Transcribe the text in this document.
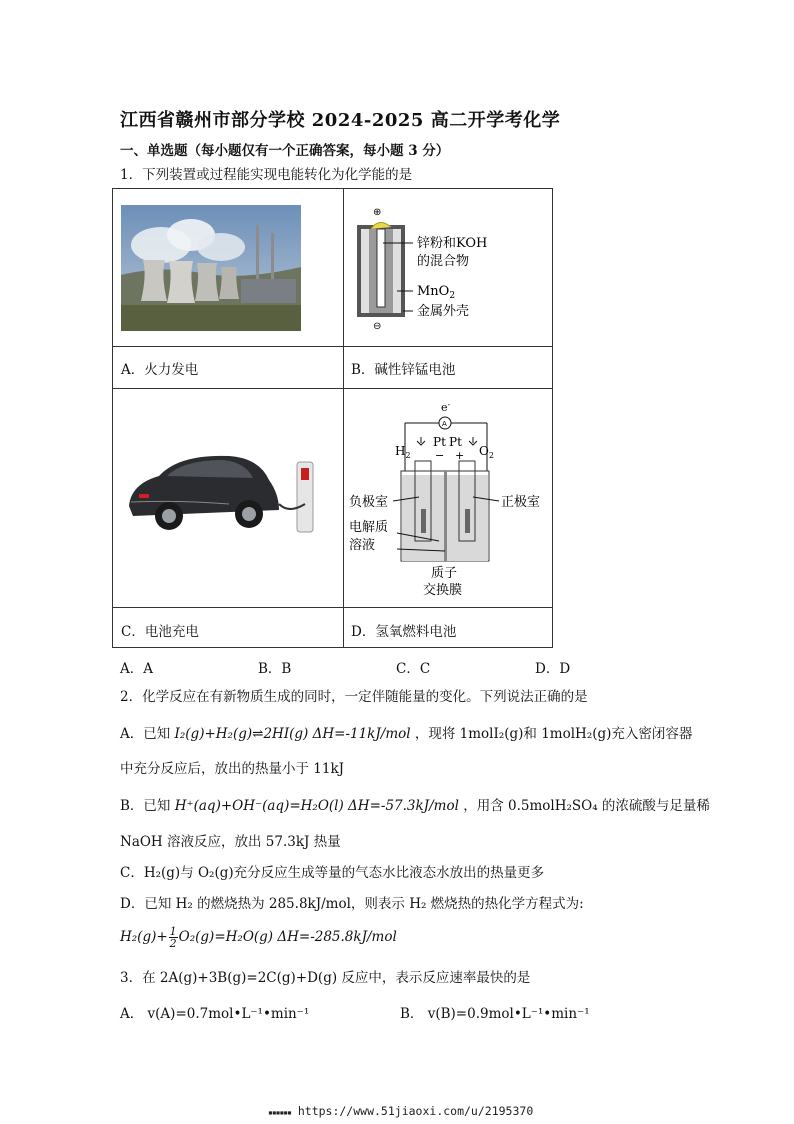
江西省赣州市部分学校 2024-2025 高二开学考化学
一、单选题（每小题仅有一个正确答案，每小题 3 分）
1．下列装置或过程能实现电能转化为化学能的是
A．火力发电
⊕
⊖
锌粉和KOH
的混合物
MnO$_2$
金属外壳
B．碱性锌锰电池
C．电池充电
e-
A
Pt Pt
− +
$H_2$	$O_2$
负极室	正极室
电解质
溶液
质子
交换膜
D．氢氧燃料电池
A．A	B．B	C．C	D．D
2．化学反应在有新物质生成的同时，一定伴随能量的变化。下列说法正确的是
A．已知 I₂(g)+H₂(g)⇌2HI(g) ΔH=-11kJ/mol ，现将 1molI₂(g)和 1molH₂(g)充入密闭容器
中充分反应后，放出的热量小于 11kJ
B．已知 H⁺(aq)+OH⁻(aq)=H₂O(l) ΔH=-57.3kJ/mol ，用含 0.5molH₂SO₄ 的浓硫酸与足量稀
NaOH 溶液反应，放出 57.3kJ 热量
C．H₂(g)与 O₂(g)充分反应生成等量的气态水比液态水放出的热量更多
D．已知 H₂ 的燃烧热为 285.8kJ/mol，则表示 H₂ 燃烧热的热化学方程式为:
$H_2(g)+ \frac{1}{2} O_2(g)=H_2O(g)$ ΔH=-285.8kJ/mol
3．在 2A(g)+3B(g)=2C(g)+D(g) 反应中，表示反应速率最快的是
A． v(A)=0.7mol•L⁻¹•min⁻¹	B． v(B)=0.9mol•L⁻¹•min⁻¹
▪▪▪▪▪▪ https://www.51jiaoxi.com/u/2195370
